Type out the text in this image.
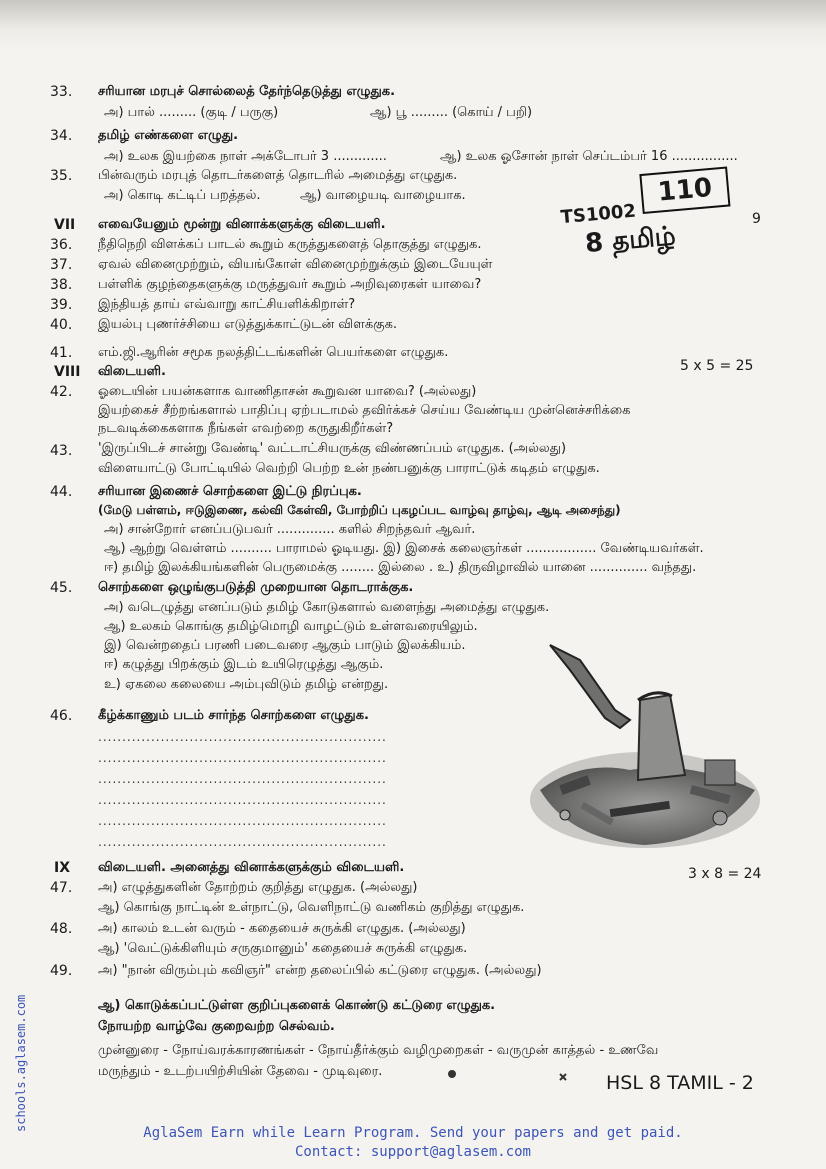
33.	சரியான மரபுச் சொல்லைத் தேர்ந்தெடுத்து எழுதுக.
அ) பால் ......... (குடி / பருகு)	ஆ) பூ ......... (கொய் / பறி)
34.	தமிழ் எண்களை எழுது.
அ) உலக இயற்கை நாள் அக்டோபர் 3 .............	ஆ) உலக ஓசோன் நாள் செப்டம்பர் 16 ................
35.	பின்வரும் மரபுத் தொடர்களைத் தொடரில் அமைத்து எழுதுக.
அ) கொடி கட்டிப் பறத்தல்.	ஆ) வாழையடி வாழையாக.
VII	எவையேனும் மூன்று வினாக்களுக்கு விடையளி.	9
TS1002
110
8 தமிழ்
36.	நீதிநெறி விளக்கப் பாடல் கூறும் கருத்துகளைத் தொகுத்து எழுதுக.
37.	ஏவல் வினைமுற்றும், வியங்கோள் வினைமுற்றுக்கும் இடையேயுள்
38.	பள்ளிக் குழந்தைகளுக்கு மருத்துவர் கூறும் அறிவுரைகள் யாவை?
39.	இந்தியத் தாய் எவ்வாறு காட்சியளிக்கிறாள்?
40.	இயல்பு புணர்ச்சியை எடுத்துக்காட்டுடன் விளக்குக.
41.	எம்.ஜி.ஆரின் சமூக நலத்திட்டங்களின் பெயர்களை எழுதுக.
VIII	விடையளி.	5 x 5 = 25
42.	ஓடையின் பயன்களாக வாணிதாசன் கூறுவன யாவை? (அல்லது)
இயற்கைச் சீற்றங்களால் பாதிப்பு ஏற்படாமல் தவிர்க்கச் செய்ய வேண்டிய முன்னெச்சரிக்கை
நடவடிக்கைகளாக நீங்கள் எவற்றை கருதுகிறீர்கள்?
43.	'இருப்பிடச் சான்று வேண்டி' வட்டாட்சியருக்கு விண்ணப்பம் எழுதுக. (அல்லது)
விளையாட்டு போட்டியில் வெற்றி பெற்ற உன் நண்பனுக்கு பாராட்டுக் கடிதம் எழுதுக.
44.	சரியான இணைச் சொற்களை இட்டு நிரப்புக.
(மேடு பள்ளம், ஈடுஇணை, கல்வி கேள்வி, போற்றிப் புகழப்பட வாழ்வு தாழ்வு, ஆடி அசைந்து)
அ) சான்றோர் எனப்படுபவர் .............. களில் சிறந்தவர் ஆவர்.
ஆ) ஆற்று வெள்ளம் .......... பாராமல் ஓடியது. இ) இசைக் கலைஞர்கள் ................. வேண்டியவர்கள்.
ஈ) தமிழ் இலக்கியங்களின் பெருமைக்கு ........ இல்லை . உ) திருவிழாவில் யானை .............. வந்தது.
45.	சொற்களை ஒழுங்குபடுத்தி முறையான தொடராக்குக.
அ) வடெழுத்து எனப்படும் தமிழ் கோடுகளால் வளைந்து அமைத்து எழுதுக.
ஆ) உலகம் கொங்கு தமிழ்மொழி வாழட்டும் உள்ளவரையிலும்.
இ) வென்றதைப் பரணி படைவரை ஆகும் பாடும் இலக்கியம்.
ஈ) கழுத்து பிறக்கும் இடம் உயிரெழுத்து ஆகும்.
உ) ஏகலை கலையை அம்புவிடும் தமிழ் என்றது.
46.	கீழ்க்காணும் படம் சார்ந்த சொற்களை எழுதுக.
............................................................
............................................................
............................................................
............................................................
............................................................
............................................................
IX	விடையளி. அனைத்து வினாக்களுக்கும் விடையளி.	3 x 8 = 24
47.	அ) எழுத்துகளின் தோற்றம் குறித்து எழுதுக. (அல்லது)
ஆ) கொங்கு நாட்டின் உள்நாட்டு, வெளிநாட்டு வணிகம் குறித்து எழுதுக.
48.	அ) காலம் உடன் வரும் - கதையைச் சுருக்கி எழுதுக. (அல்லது)
ஆ) 'வெட்டுக்கிளியும் சருகுமானும்' கதையைச் சுருக்கி எழுதுக.
49.	அ) "நான் விரும்பும் கவிஞர்" என்ற தலைப்பில் கட்டுரை எழுதுக. (அல்லது)
ஆ) கொடுக்கப்பட்டுள்ள குறிப்புகளைக் கொண்டு கட்டுரை எழுதுக.
நோயற்ற வாழ்வே குறைவற்ற செல்வம்.
முன்னுரை - நோய்வரக்காரணங்கள் - நோய்தீர்க்கும் வழிமுறைகள் - வருமுன் காத்தல் - உணவே
மருந்தும் - உடற்பயிற்சியின் தேவை - முடிவுரை.
HSL 8 TAMIL - 2
schools.aglasem.com
AglaSem Earn while Learn Program. Send your papers and get paid.
Contact: support@aglasem.com
